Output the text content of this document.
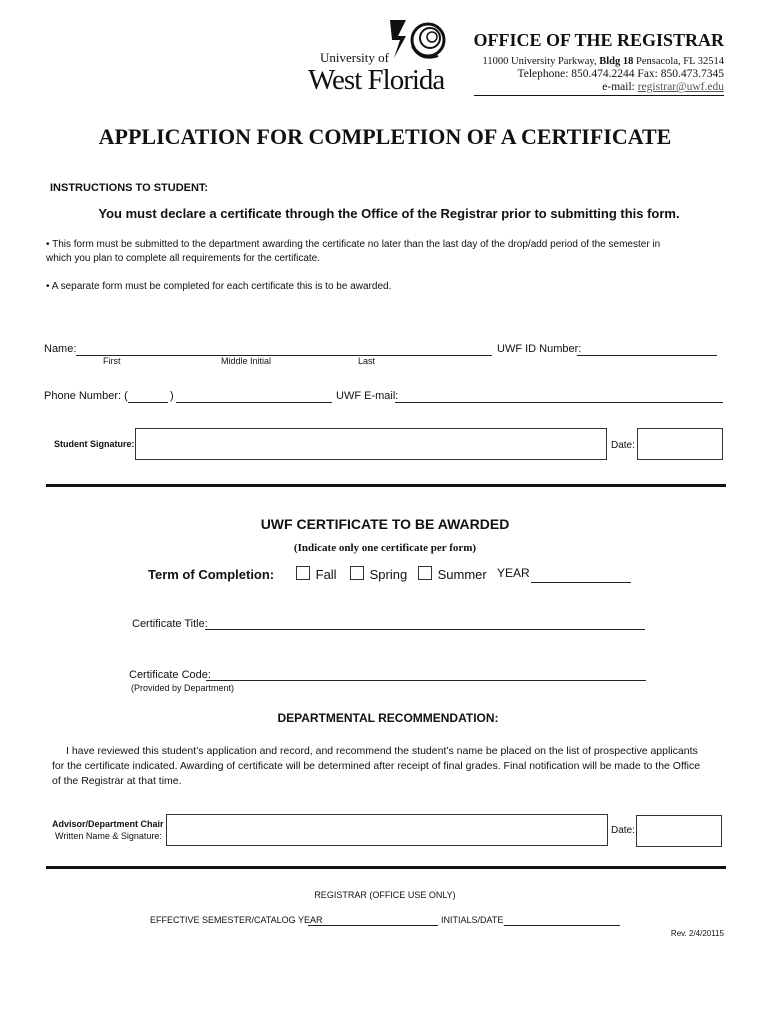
University of
West Florida
OFFICE OF THE REGISTRAR
11000 University Parkway, Bldg 18 Pensacola, FL 32514
Telephone: 850.474.2244 Fax: 850.473.7345
e-mail: registrar@uwf.edu
APPLICATION FOR COMPLETION OF A CERTIFICATE
INSTRUCTIONS TO STUDENT:
You must declare a certificate through the Office of the Registrar prior to submitting this form.
• This form must be submitted to the department awarding the certificate no later than the last day of the drop/add period of the semester in
which you plan to complete all requirements for the certificate.
• A separate form must be completed for each certificate this is to be awarded.
Name:
First	Middle Initial	Last
UWF ID Number:
Phone Number: (	)	UWF E-mail:
Student Signature:	Date:
UWF CERTIFICATE TO BE AWARDED
(Indicate only one certificate per form)
Term of Completion:	Fall	Spring	Summer YEAR
Certificate Title:
Certificate Code:
(Provided by Department)
DEPARTMENTAL RECOMMENDATION:
I have reviewed this student’s application and record, and recommend the student’s name be placed on the list of prospective applicants
for the certificate indicated. Awarding of certificate will be determined after receipt of final grades. Final notification will be made to the Office
of the Registrar at that time.
Advisor/Department Chair
Written Name & Signature:	Date:
REGISTRAR (OFFICE USE ONLY)
EFFECTIVE SEMESTER/CATALOG YEAR	INITIALS/DATE
Rev. 2/4/20115
